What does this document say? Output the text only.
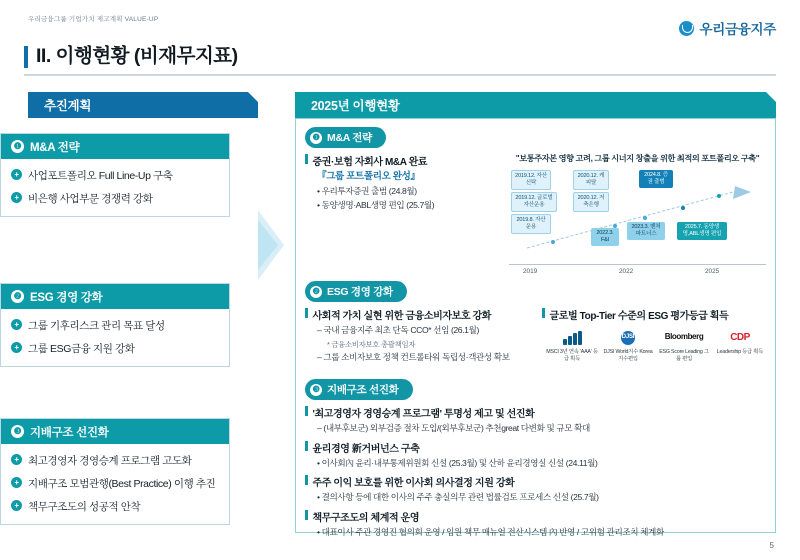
우리금융그룹 기업가치 제고계획 VALUE-UP
우리금융지주
II. 이행현황 (비재무지표)
추진계획	2025년 이행현황
❶ M&A 전략
+ 사업포트폴리오 Full Line-Up 구축
+ 비은행 사업부문 경쟁력 강화
❷ ESG 경영 강화
+ 그룹 기후리스크 관리 목표 달성
+ 그룹 ESG금융 지원 강화
❸ 지배구조 선진화
+ 최고경영자 경영승계 프로그램 고도화
+ 지배구조 모범관행(Best Practice) 이행 추진
+ 책무구조도의 성공적 안착
❶ M&A 전략
증권·보험 자회사 M&A 완료
『그룹 포트폴리오 완성』
• 우리투자증권 출범 (24.8월)
• 동양생명·ABL생명 편입 (25.7월)
"보통주자본 영향 고려, 그룹 시너지 창출을 위한 최적의 포트폴리오 구축"
2019.12. 자산신탁
2019.12. 글로벌자산운용
2019.8. 자산운용
2020.12. 캐피탈
2020.12. 저축은행
2022.3. F&I
2023.3. 벤처파트너스
2024.8. 증권 출범
2025.7. 동양생명,ABL생명 편입
2019	2022	2025
❷ ESG 경영 강화
사회적 가치 실현 위한 금융소비자보호 강화
– 국내 금융지주 최초 단독 CCO* 선임 (26.1월)
* 금융소비자보호 총괄책임자
– 그룹 소비자보호 정책 컨트롤타워 독립성·객관성 확보
글로벌 Top-Tier 수준의 ESG 평가등급 획득
MSCI 3년 연속 'AAA' 등급 획득
DJSI
DJSI World지수 Korea지수편입
Bloomberg
ESG Score Leading 그룹 편입
CDP
Leadership 등급 획득
❸ 지배구조 선진화
'최고경영자 경영승계 프로그램' 투명성 제고 및 선진화
– (내부후보군) 외부검증 절차 도입/(외부후보군) 추천great 다변화 및 규모 확대
윤리경영 新거버넌스 구축
• 이사회內 윤리·내부통제위원회 신설 (25.3월) 및 산하 윤리경영실 신설 (24.11월)
주주 이익 보호를 위한 이사회 의사결정 지원 강화
• 결의사항 등에 대한 이사의 주주 충실의무 관련 법률검토 프로세스 신설 (25.7월)
책무구조도의 체계적 운영
• 대표이사 주관 경영진 협의회 운영 / 임원 책무 매뉴얼 전산시스템 內 반영 / 고위험 관리조치 체계화
5
